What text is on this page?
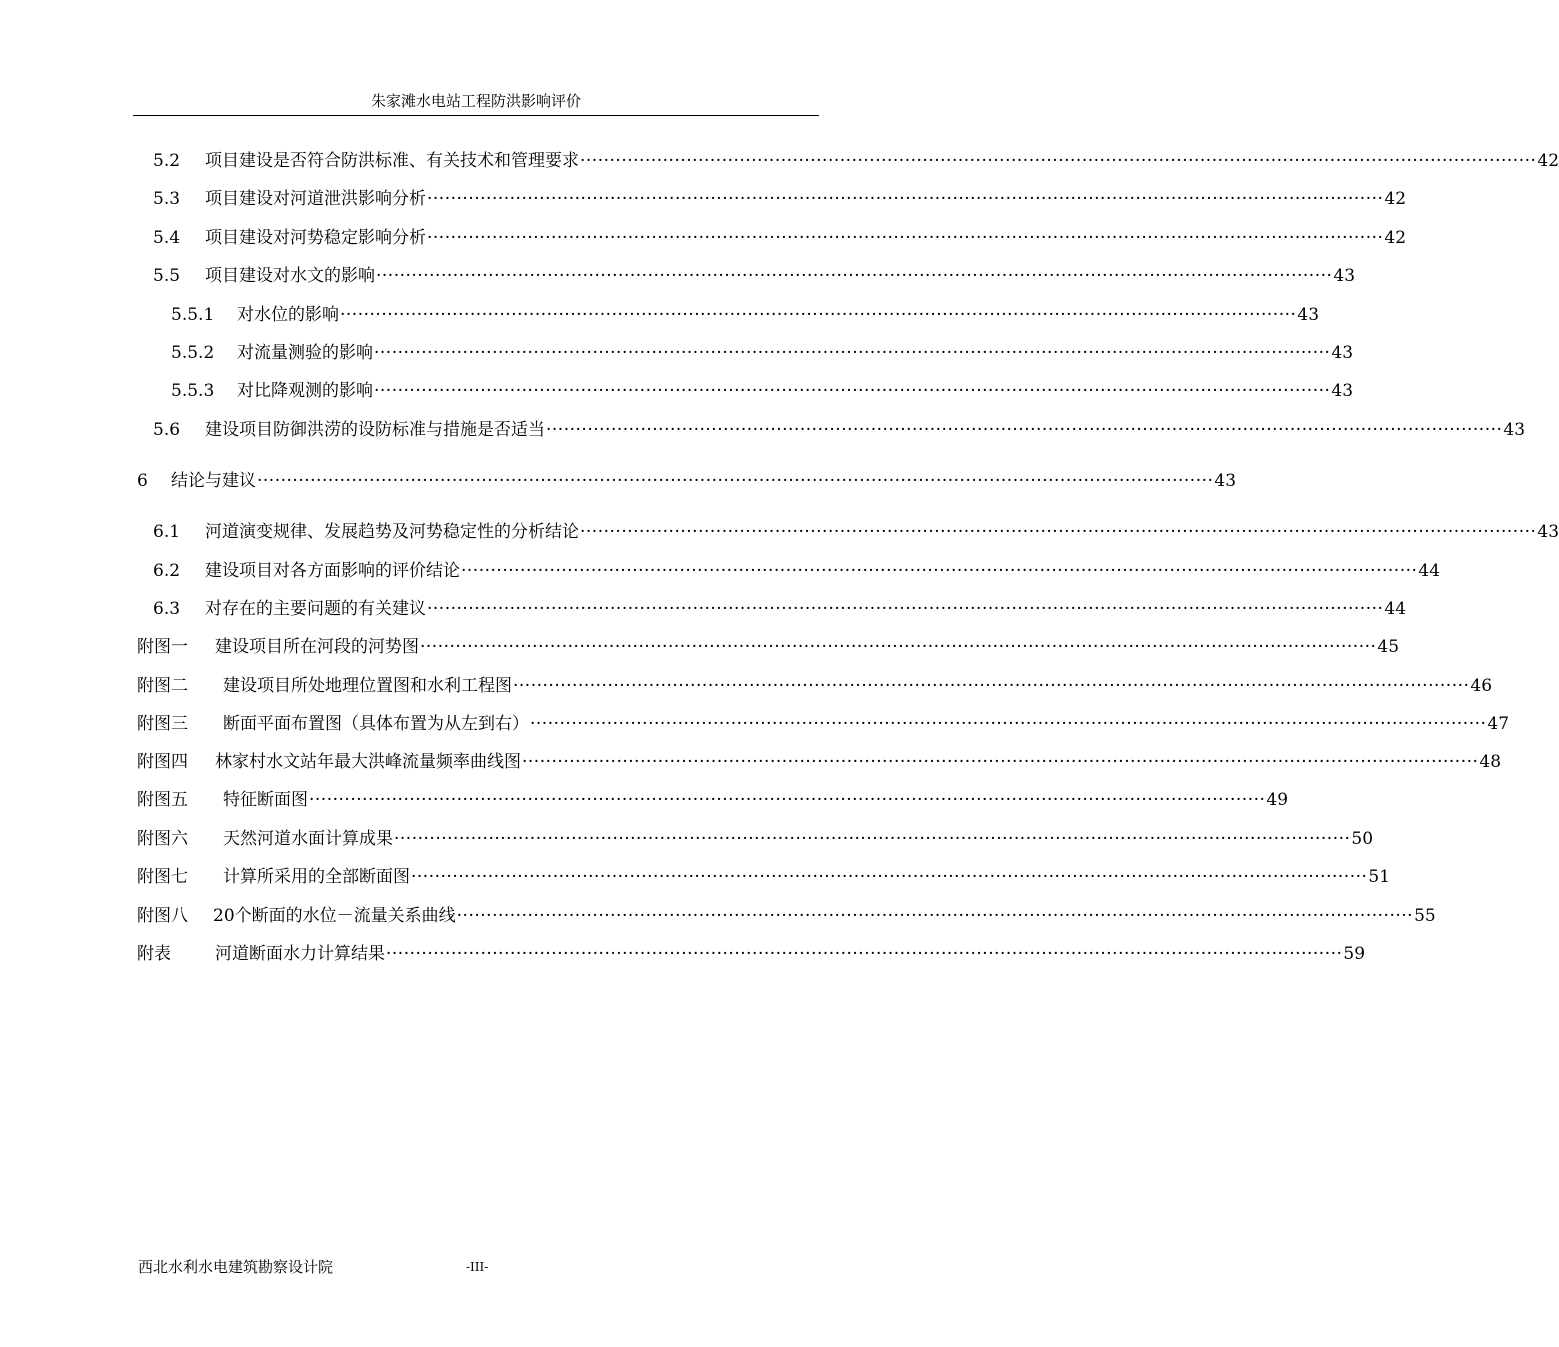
朱家滩水电站工程防洪影响评价
5.2	项目建设是否符合防洪标准、有关技术和管理要求 ·····	42
5.3	项目建设对河道泄洪影响分析 ·····	42
5.4	项目建设对河势稳定影响分析 ·····	42
5.5	项目建设对水文的影响 ·····	43
5.5.1	对水位的影响 ·····	43
5.5.2	对流量测验的影响 ·····	43
5.5.3	对比降观测的影响 ·····	43
5.6	建设项目防御洪涝的设防标准与措施是否适当 ·····	43
6	结论与建议 ·····	43
6.1	河道演变规律、发展趋势及河势稳定性的分析结论 ·····	43
6.2	建设项目对各方面影响的评价结论 ·····	44
6.3	对存在的主要问题的有关建议 ·····	44
附图一	建设项目所在河段的河势图 ·····	45
附图二	建设项目所处地理位置图和水利工程图 ·····	46
附图三	断面平面布置图（具体布置为从左到右） ·····	47
附图四	林家村水文站年最大洪峰流量频率曲线图 ·····	48
附图五	特征断面图 ·····	49
附图六	天然河道水面计算成果 ·····	50
附图七	计算所采用的全部断面图 ·····	51
附图八	20个断面的水位－流量关系曲线 ·····	55
附表	河道断面水力计算结果 ·····	59
西北水利水电建筑勘察设计院	-III-
